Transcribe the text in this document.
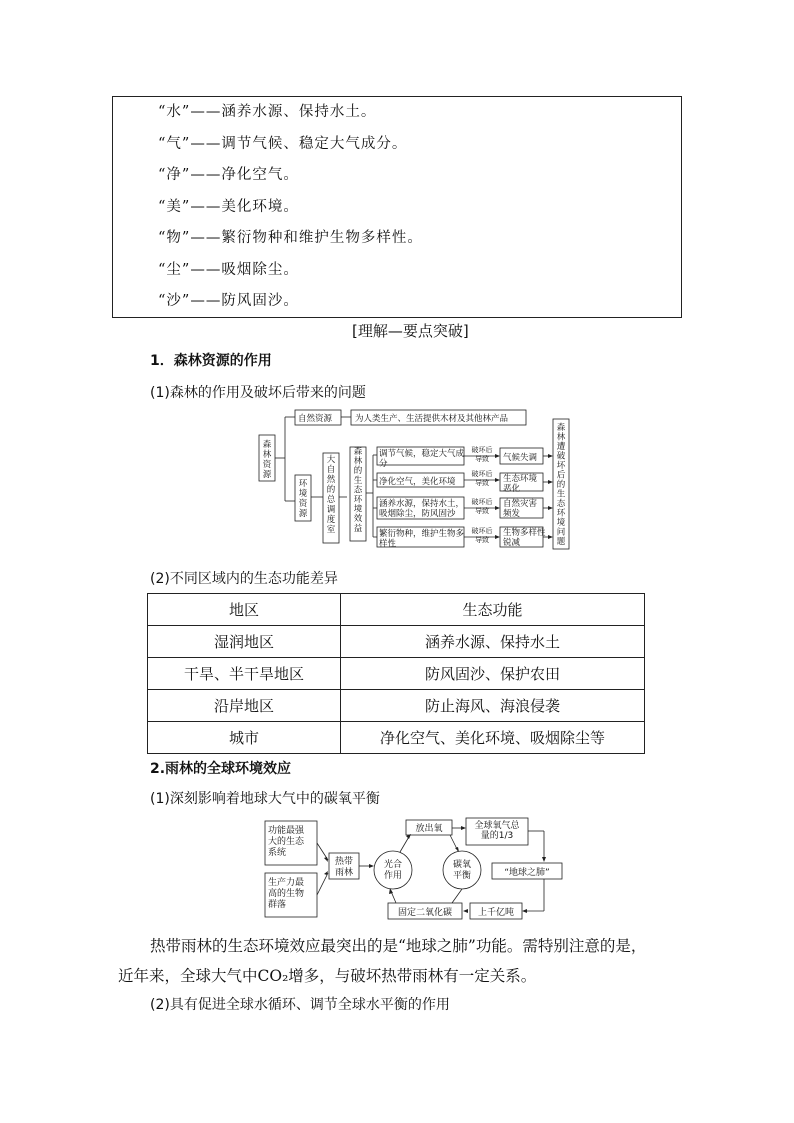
“水”——涵养水源、保持水土。
“气”——调节气候、稳定大气成分。
“净”——净化空气。
“美”——美化环境。
“物”——繁衍物种和维护生物多样性。
“尘”——吸烟除尘。
“沙”——防风固沙。
[理解—要点突破]
1．森林资源的作用
(1)森林的作用及破坏后带来的问题
森
林
资
源
自然资源	为人类生产、生活提供木材及其他林产品
环
境
资
源
大
自
然
的
总
调
度
室
森
林
的
生
态
环
境
效
益
调节气候，稳定大气成
分
净化空气，美化环境
涵养水源，保持水土，
吸烟除尘，防风固沙
繁衍物种，维护生物多
样性
破坏后
导致
破坏后
导致
破坏后
导致
破坏后
导致
气候失调
生态环境
恶化
自然灾害
频发
生物多样性
锐减
森
林
遭
破
坏
后
的
生
态
环
境
问
题
(2)不同区域内的生态功能差异
地区	生态功能
湿润地区	涵养水源、保持水土
干旱、半干旱地区	防风固沙、保护农田
沿岸地区	防止海风、海浪侵袭
城市	净化空气、美化环境、吸烟除尘等
2.雨林的全球环境效应
(1)深刻影响着地球大气中的碳氧平衡
功能最强
大的生态
系统
生产力最
高的生物
群落
热带
雨林
光合
作用
碳氧
平衡
放出氧	全球氧气总
量的1/3
“地球之肺”
固定二氧化碳	上千亿吨
热带雨林的生态环境效应最突出的是“地球之肺”功能。需特别注意的是，
近年来，全球大气中CO₂增多，与破坏热带雨林有一定关系。
(2)具有促进全球水循环、调节全球水平衡的作用
